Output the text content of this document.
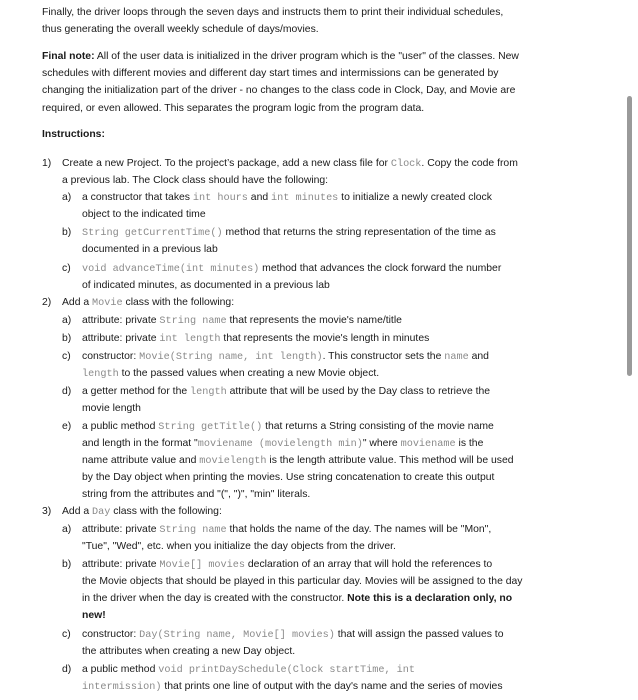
Finally, the driver loops through the seven days and instructs them to print their individual schedules,
thus generating the overall weekly schedule of days/movies.
Final note: All of the user data is initialized in the driver program which is the "user" of the classes. New
schedules with different movies and different day start times and intermissions can be generated by
changing the initialization part of the driver - no changes to the class code in Clock, Day, and Movie are
required, or even allowed. This separates the program logic from the program data.
Instructions:
1) Create a new Project. To the project’s package, add a new class file for Clock. Copy the code from
a previous lab. The Clock class should have the following:
a) a constructor that takes int hours and int minutes to initialize a newly created clock
object to the indicated time
b) String getCurrentTime() method that returns the string representation of the time as
documented in a previous lab
c) void advanceTime(int minutes) method that advances the clock forward the number
of indicated minutes, as documented in a previous lab
2) Add a Movie class with the following:
a) attribute: private String name that represents the movie's name/title
b) attribute: private int length that represents the movie's length in minutes
c) constructor: Movie(String name, int length). This constructor sets the name and
length to the passed values when creating a new Movie object.
d) a getter method for the length attribute that will be used by the Day class to retrieve the
movie length
e) a public method String getTitle() that returns a String consisting of the movie name
and length in the format "moviename (movielength min)" where moviename is the
name attribute value and movielength is the length attribute value. This method will be used
by the Day object when printing the movies. Use string concatenation to create this output
string from the attributes and "(", ")", "min" literals.
3) Add a Day class with the following:
a) attribute: private String name that holds the name of the day. The names will be "Mon",
"Tue", "Wed", etc. when you initialize the day objects from the driver.
b) attribute: private Movie[] movies declaration of an array that will hold the references to
the Movie objects that should be played in this particular day. Movies will be assigned to the day
in the driver when the day is created with the constructor. Note this is a declaration only, no
new!
c) constructor: Day(String name, Movie[] movies) that will assign the passed values to
the attributes when creating a new Day object.
d) a public method void printDaySchedule(Clock startTime, int
intermission) that prints one line of output with the day's name and the series of movies
